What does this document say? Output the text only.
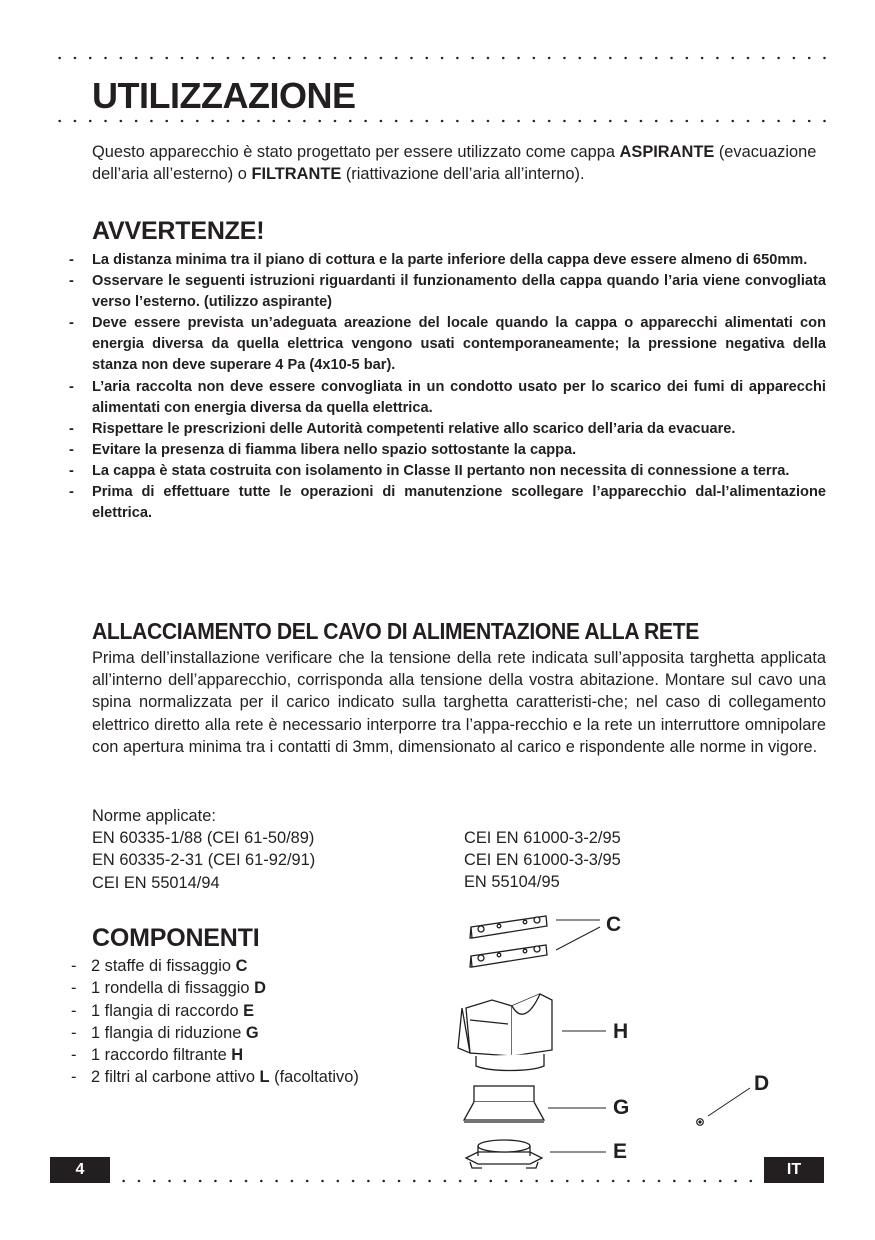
UTILIZZAZIONE

Questo apparecchio è stato progettato per essere utilizzato come cappa ASPIRANTE (evacuazione dell’aria all’esterno) o FILTRANTE (riattivazione dell’aria all’interno).

AVVERTENZE!
- La distanza minima tra il piano di cottura e la parte inferiore della cappa deve essere almeno di 650mm.
- Osservare le seguenti istruzioni riguardanti il funzionamento della cappa quando l’aria viene convogliata verso l’esterno. (utilizzo aspirante)
- Deve essere prevista un’adeguata areazione del locale quando la cappa o apparecchi alimentati con energia diversa da quella elettrica vengono usati contemporaneamente; la pressione negativa della stanza non deve superare 4 Pa (4x10-5 bar).
- L’aria raccolta non deve essere convogliata in un condotto usato per lo scarico dei fumi di apparecchi alimentati con energia diversa da quella elettrica.
- Rispettare le prescrizioni delle Autorità competenti relative allo scarico dell’aria da evacuare.
- Evitare la presenza di fiamma libera nello spazio sottostante la cappa.
- La cappa è stata costruita con isolamento in Classe II pertanto non necessita di connessione a terra.
- Prima di effettuare tutte le operazioni di manutenzione scollegare l’apparecchio dal-l’alimentazione elettrica.
ALLACCIAMENTO DEL CAVO DI ALIMENTAZIONE ALLA RETE

Prima dell’installazione verificare che la tensione della rete indicata sull’apposita targhetta applicata all’interno dell’apparecchio, corrisponda alla tensione della vostra abitazione. Montare sul cavo una spina normalizzata per il carico indicato sulla targhetta caratteristi-che; nel caso di collegamento elettrico diretto alla rete è necessario interporre tra l’appa-recchio e la rete un interruttore omnipolare con apertura minima tra i contatti di 3mm, dimensionato al carico e rispondente alle norme in vigore.

Norme applicate:
EN 60335-1/88 (CEI 61-50/89)
EN 60335-2-31 (CEI 61-92/91)
CEI EN 55014/94
CEI EN 61000-3-2/95
CEI EN 61000-3-3/95
EN 55104/95
COMPONENTI
- 2 staffe di fissaggio C
- 1 rondella di fissaggio D
- 1 flangia di raccordo E
- 1 flangia di riduzione G
- 1 raccordo filtrante H
- 2 filtri al carbone attivo L (facoltativo)
C
H
D
G
E
4	IT
